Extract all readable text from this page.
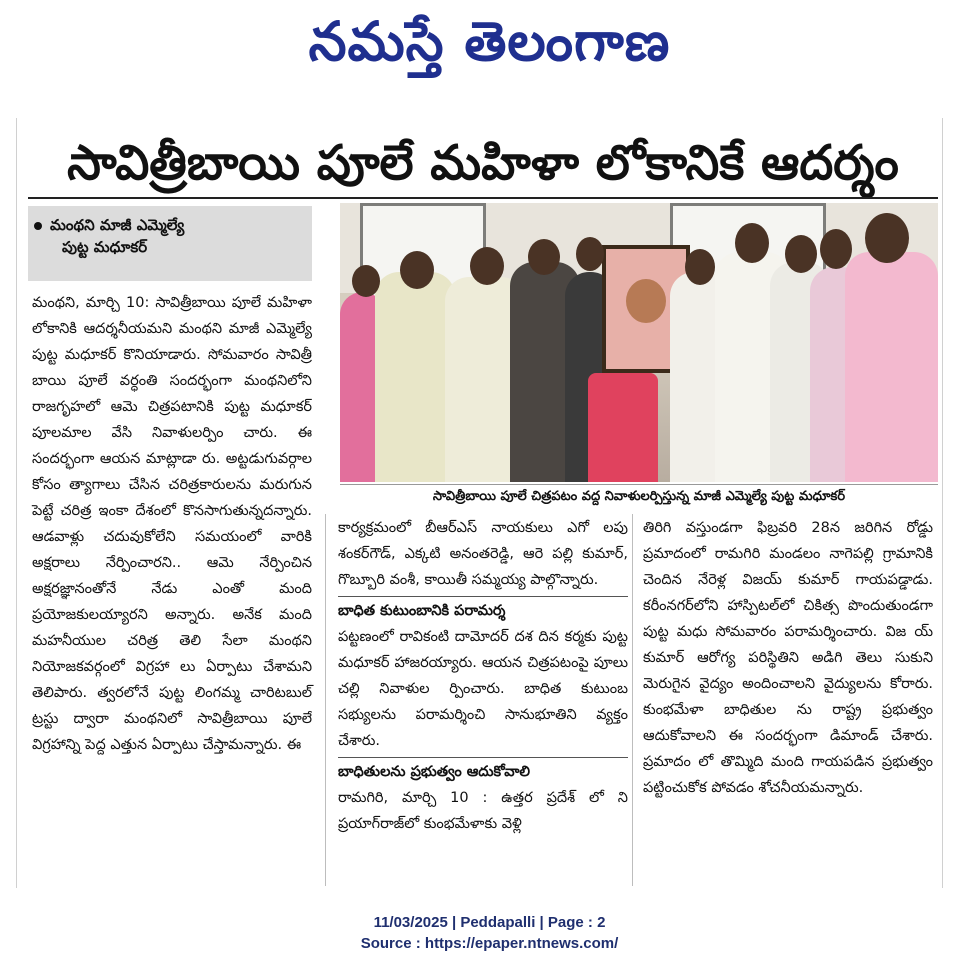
నమస్తే తెలంగాణ
సావిత్రీబాయి పూలే మహిళా లోకానికే ఆదర్శం
మంథని మాజీ ఎమ్మెల్యే
పుట్ట మధూకర్

మంథని, మార్చి 10: సావిత్రీబాయి పూలే మహిళా లోకానికి ఆదర్శనీయమని మంథని మాజీ ఎమ్మెల్యే పుట్ట మధూకర్ కొనియాడారు. సోమవారం సావిత్రీ బాయి పూలే వర్ధంతి సందర్భంగా మంథనిలోని రాజగృహలో ఆమె చిత్రపటానికి పుట్ట మధూకర్ పూలమాల వేసి నివాళులర్పిం చారు. ఈ సందర్భంగా ఆయన మాట్లాడా రు. అట్టడుగువర్గాల కోసం త్యాగాలు చేసిన చరిత్రకారులను మరుగున పెట్టే చరిత్ర ఇంకా దేశంలో కొనసాగుతున్నదన్నారు. ఆడవాళ్లు చదువుకోలేని సమయంలో వారికి అక్షరాలు నేర్పించారని.. ఆమె నేర్పించిన అక్షరజ్ఞానంతోనే నేడు ఎంతో మంది ప్రయోజకులయ్యారని అన్నారు. అనేక మంది మహనీయుల చరిత్ర తెలి సేలా మంథని నియోజకవర్గంలో విగ్రహా లు ఏర్పాటు చేశామని తెలిపారు. త్వరలోనే పుట్ట లింగమ్మ చారిటబుల్ ట్రస్టు ద్వారా మంథనిలో సావిత్రీబాయి పూలే విగ్రహాన్ని పెద్ద ఎత్తున ఏర్పాటు చేస్తామన్నారు. ఈ

సావిత్రీబాయి పూలే చిత్రపటం వద్ద నివాళులర్పిస్తున్న మాజీ ఎమ్మెల్యే పుట్ట మధూకర్

కార్యక్రమంలో బీఆర్ఎస్ నాయకులు ఎగో లపు శంకర్‌గౌడ్, ఎక్కటి అనంతరెడ్డి, ఆరె పల్లి కుమార్, గొబ్బూరి వంశీ, కాయితీ సమ్మయ్య పాల్గొన్నారు.

బాధిత కుటుంబానికి పరామర్శ

పట్టణంలో రావికంటి దామోదర్ దశ దిన కర్మకు పుట్ట మధూకర్ హాజరయ్యారు. ఆయన చిత్రపటంపై పూలు చల్లి నివాళుల ర్పించారు. బాధిత కుటుంబ సభ్యులను పరామర్శించి సానుభూతిని వ్యక్తం చేశారు.

బాధితులను ప్రభుత్వం ఆదుకోవాలి

రామగిరి, మార్చి 10 : ఉత్తర ప్రదేశ్ లో ని ప్రయాగ్‌రాజ్‌లో కుంభమేళాకు వెళ్లి

తిరిగి వస్తుండగా ఫిబ్రవరి 28న జరిగిన రోడ్డు ప్రమాదంలో రామగిరి మండలం నాగెపల్లి గ్రామానికి చెందిన నేరెళ్ల విజయ్ కుమార్ గాయపడ్డాడు. కరీంనగర్‌లోని హాస్పిటల్‌లో చికిత్స పొందుతుండగా పుట్ట మధు సోమవారం పరామర్శించారు. విజ య్ కుమార్ ఆరోగ్య పరిస్థితిని అడిగి తెలు సుకుని మెరుగైన వైద్యం అందించాలని వైద్యులను కోరారు. కుంభమేళా బాధితుల ను రాష్ట్ర ప్రభుత్వం ఆదుకోవాలని ఈ సందర్భంగా డిమాండ్ చేశారు. ప్రమాదం లో తొమ్మిది మంది గాయపడిన ప్రభుత్వం పట్టించుకోక పోవడం శోచనీయమన్నారు.

11/03/2025 | Peddapalli | Page : 2
Source : https://epaper.ntnews.com/
